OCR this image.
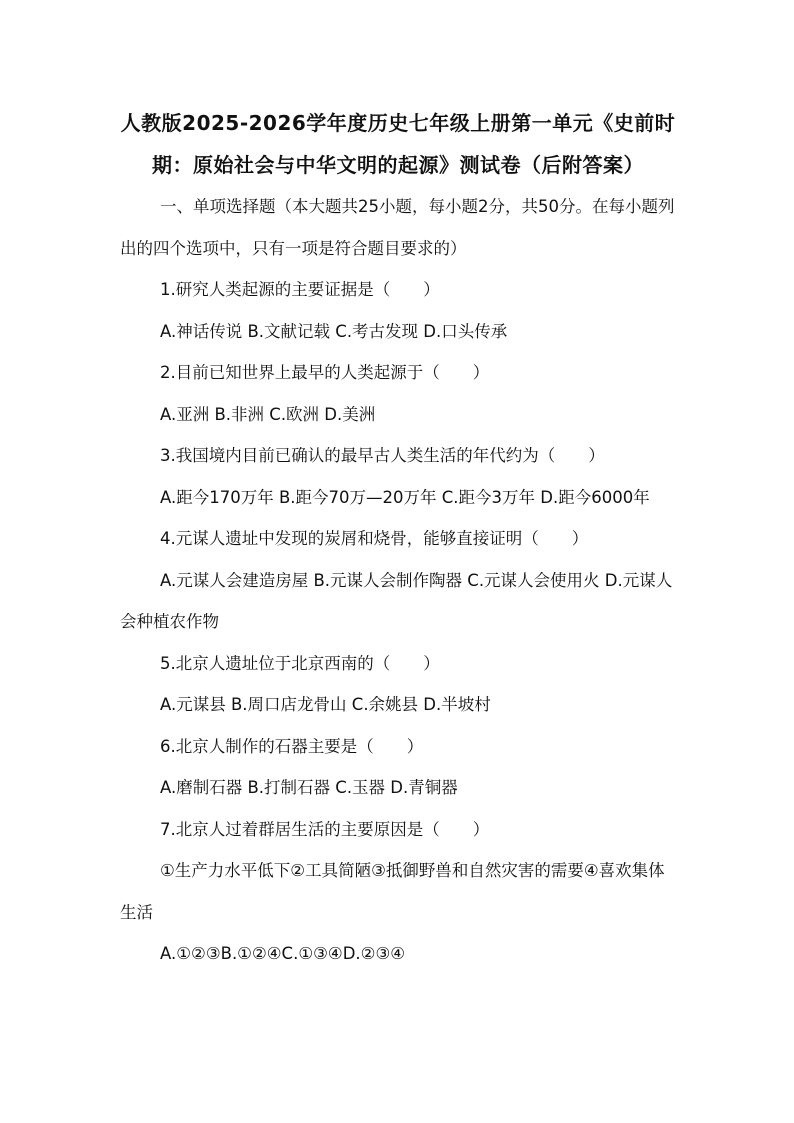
人教版2025-2026学年度历史七年级上册第一单元《史前时期：原始社会与中华文明的起源》测试卷（后附答案）

一、单项选择题（本大题共25小题，每小题2分，共50分。在每小题列出的四个选项中，只有一项是符合题目要求的）

1.研究人类起源的主要证据是（　　）

A.神话传说 B.文献记载 C.考古发现 D.口头传承

2.目前已知世界上最早的人类起源于（　　）

A.亚洲 B.非洲 C.欧洲 D.美洲

3.我国境内目前已确认的最早古人类生活的年代约为（　　）

A.距今170万年 B.距今70万—20万年 C.距今3万年 D.距今6000年

4.元谋人遗址中发现的炭屑和烧骨，能够直接证明（　　）

A.元谋人会建造房屋 B.元谋人会制作陶器 C.元谋人会使用火 D.元谋人会种植农作物

5.北京人遗址位于北京西南的（　　）

A.元谋县 B.周口店龙骨山 C.余姚县 D.半坡村

6.北京人制作的石器主要是（　　）

A.磨制石器 B.打制石器 C.玉器 D.青铜器

7.北京人过着群居生活的主要原因是（　　）

①生产力水平低下②工具简陋③抵御野兽和自然灾害的需要④喜欢集体生活

A.①②③B.①②④C.①③④D.②③④
